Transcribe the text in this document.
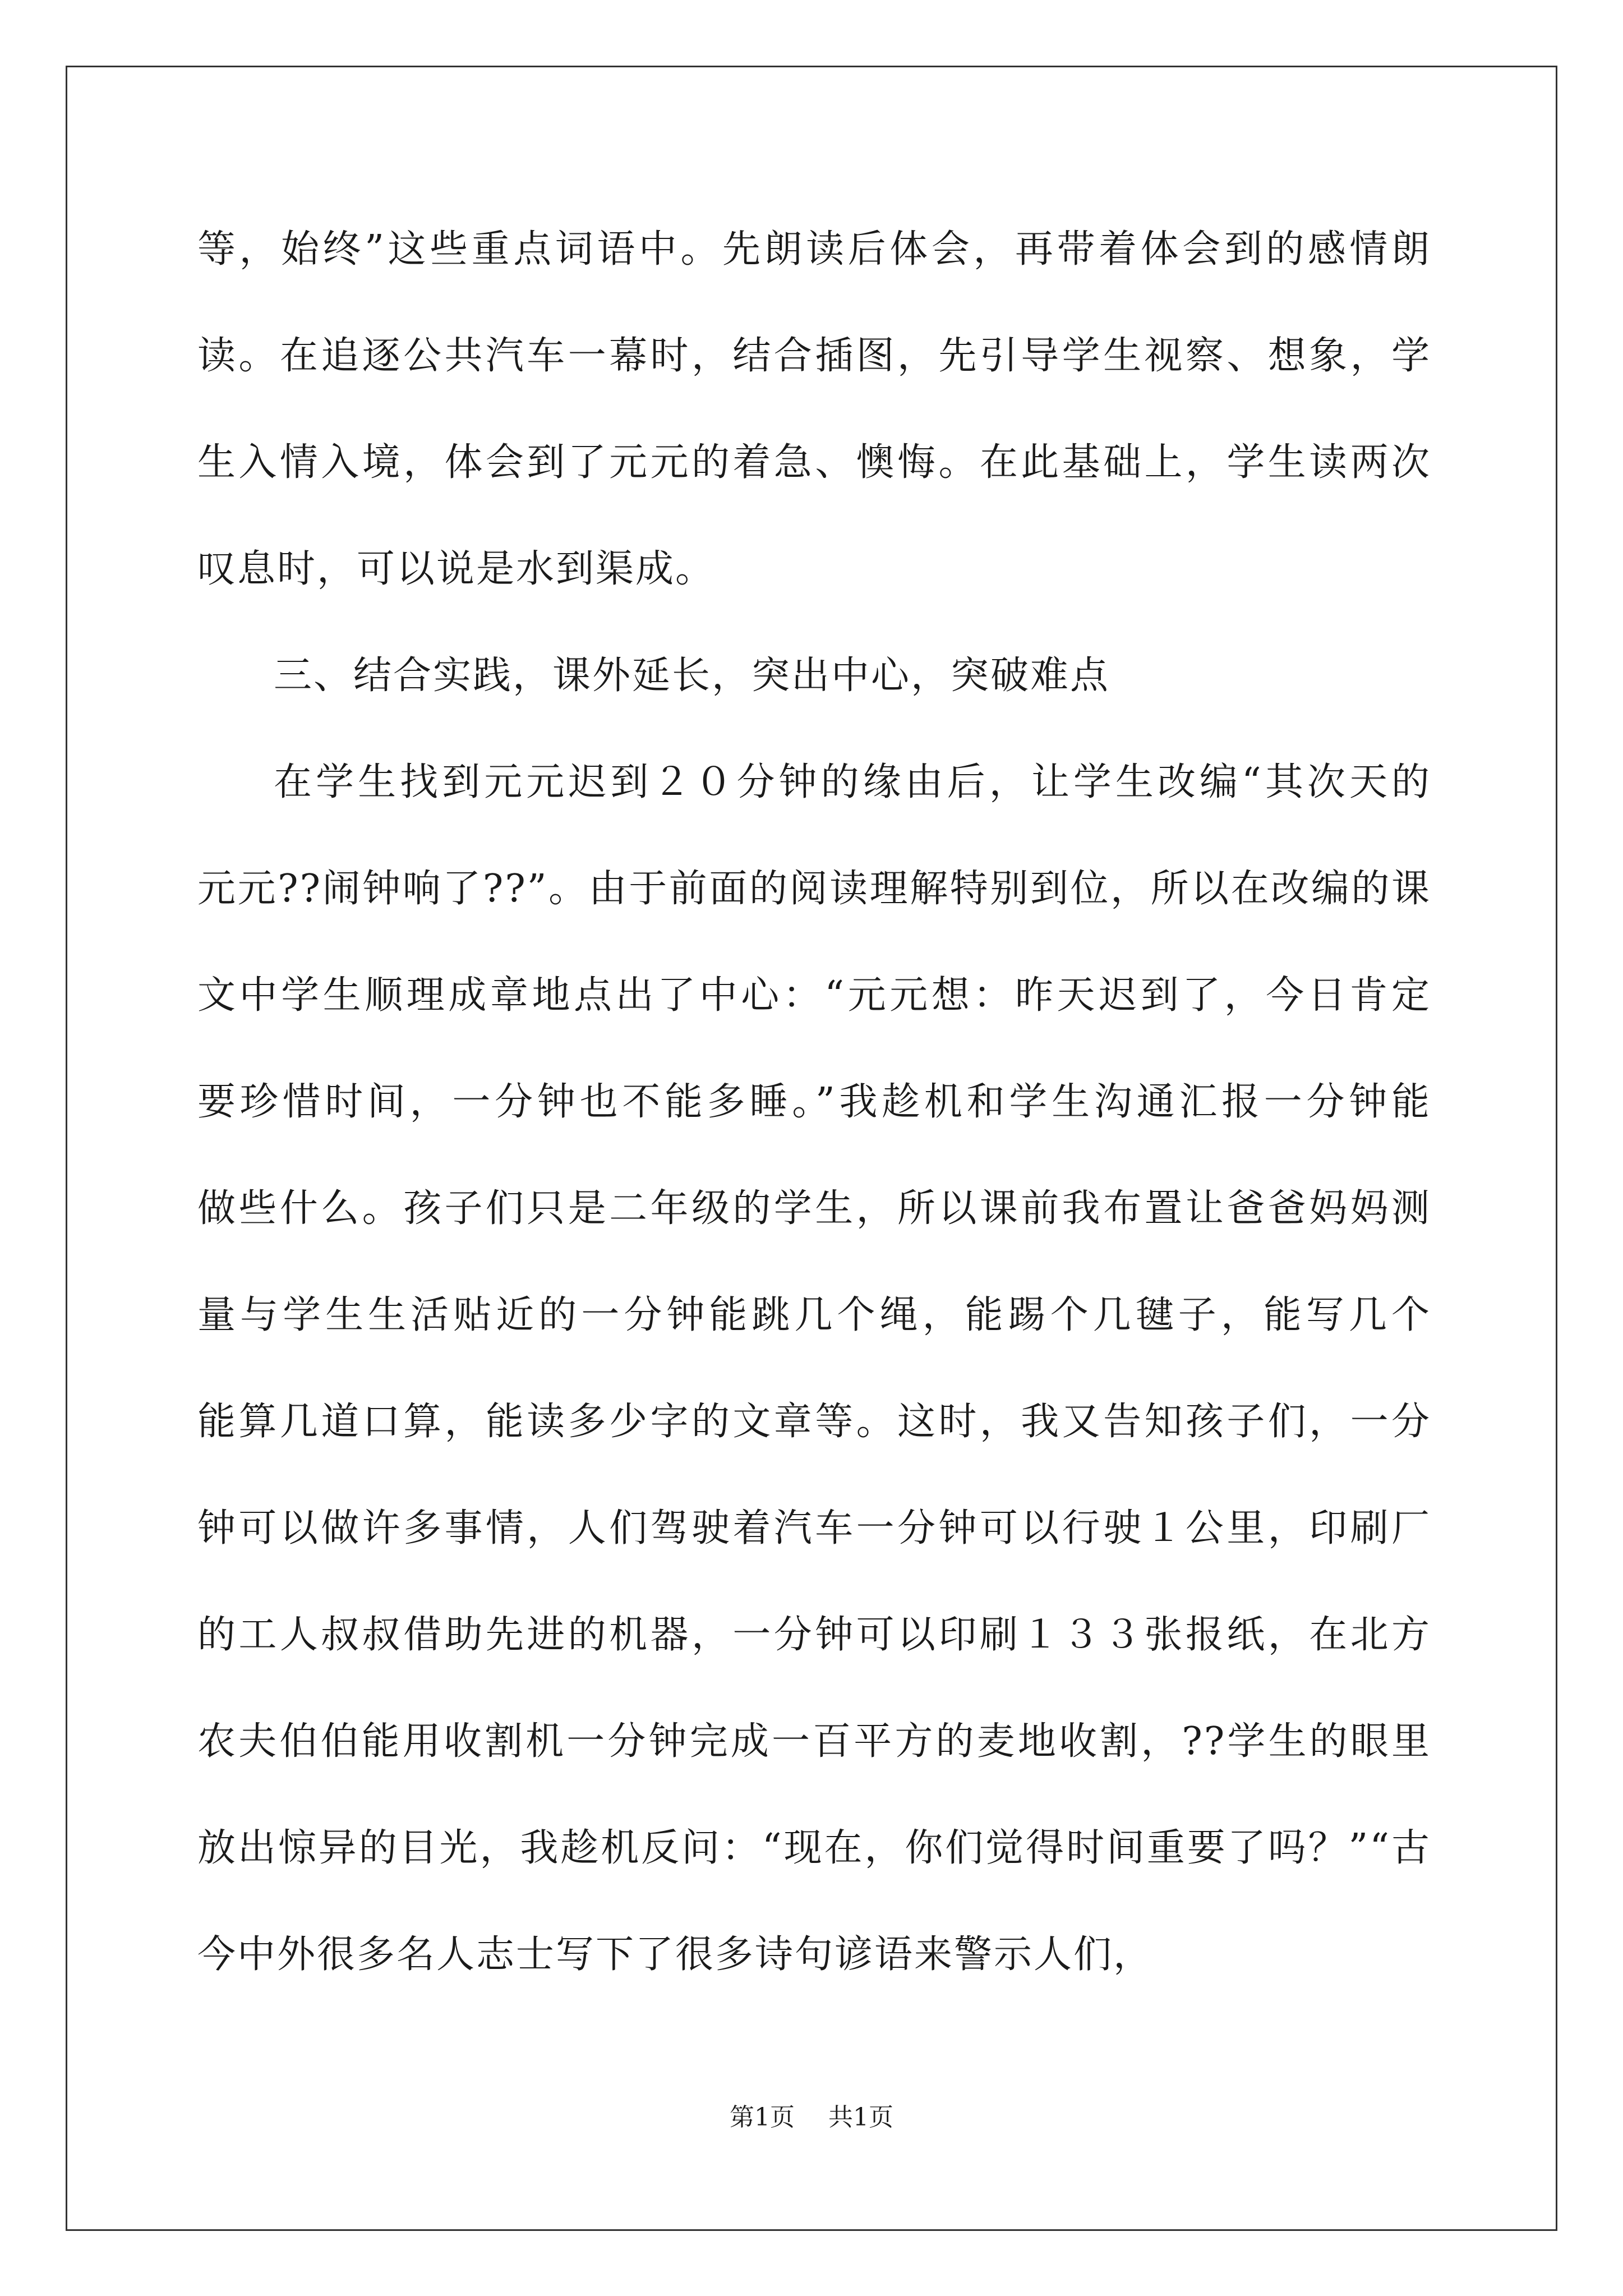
等，始终”这些重点词语中。先朗读后体会，再带着体会到的感情朗
读。在追逐公共汽车一幕时，结合插图，先引导学生视察、想象，学
生入情入境，体会到了元元的着急、懊悔。在此基础上，学生读两次
叹息时，可以说是水到渠成。
三、结合实践，课外延长，突出中心，突破难点
在学生找到元元迟到２０分钟的缘由后，让学生改编“其次天的
元元??闹钟响了??”。由于前面的阅读理解特别到位，所以在改编的课
文中学生顺理成章地点出了中心：“元元想：昨天迟到了，今日肯定
要珍惜时间，一分钟也不能多睡。”我趁机和学生沟通汇报一分钟能
做些什么。孩子们只是二年级的学生，所以课前我布置让爸爸妈妈测
量与学生生活贴近的一分钟能跳几个绳，能踢个几毽子，能写几个
能算几道口算，能读多少字的文章等。这时，我又告知孩子们，一分
钟可以做许多事情，人们驾驶着汽车一分钟可以行驶１公里，印刷厂
的工人叔叔借助先进的机器，一分钟可以印刷１３３张报纸，在北方
农夫伯伯能用收割机一分钟完成一百平方的麦地收割，??学生的眼里
放出惊异的目光，我趁机反问：“现在，你们觉得时间重要了吗？”“古
今中外很多名人志士写下了很多诗句谚语来警示人们，
第1页 共1页
